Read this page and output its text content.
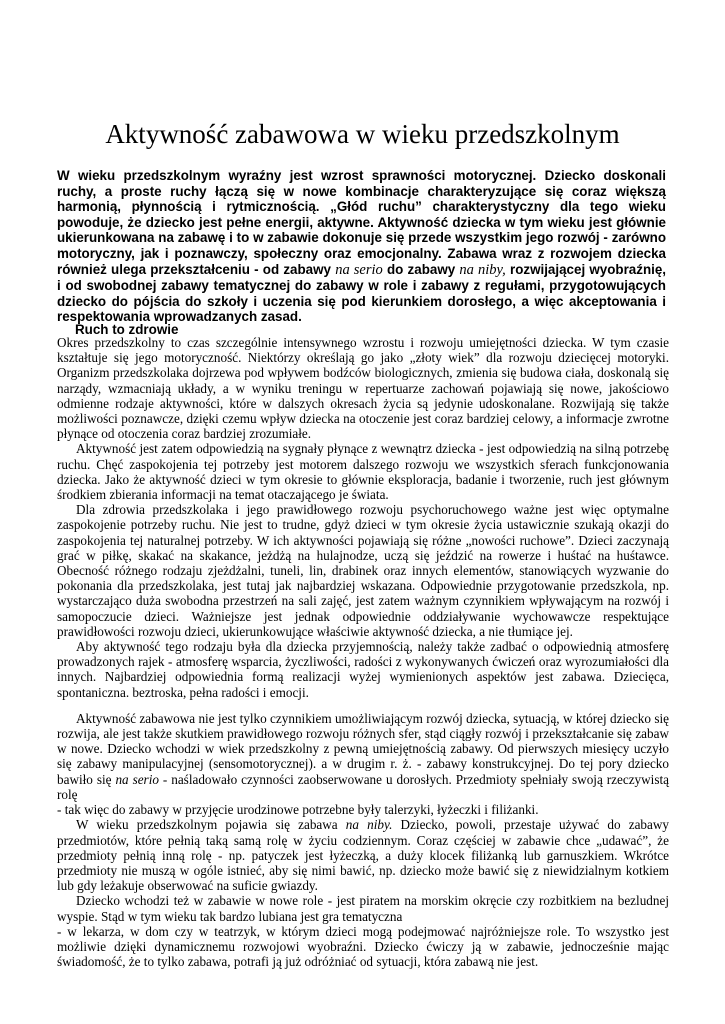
Aktywność zabawowa w wieku przedszkolnym
W wieku przedszkolnym wyraźny jest wzrost sprawności motorycznej. Dziecko doskonali ruchy, a proste ruchy łączą się w nowe kombinacje charakteryzujące się coraz większą harmonią, płynnością i rytmicznością. „Głód ruchu” charakterystyczny dla tego wieku powoduje, że dziecko jest pełne energii, aktywne. Aktywność dziecka w tym wieku jest głównie ukierunkowana na zabawę i to w zabawie dokonuje się przede wszystkim jego rozwój - zarówno motoryczny, jak i poznawczy, społeczny oraz emocjonalny. Zabawa wraz z rozwojem dziecka również ulega przekształceniu - od zabawy na serio do zabawy na niby, rozwijającej wyobraźnię, i od swobodnej zabawy tematycznej do zabawy w role i zabawy z regułami, przygotowujących dziecko do pójścia do szkoły i uczenia się pod kierunkiem dorosłego, a więc akceptowania i respektowania wprowadzanych zasad.
Ruch to zdrowie

Okres przedszkolny to czas szczególnie intensywnego wzrostu i rozwoju umiejętności dziecka. W tym czasie kształtuje się jego motoryczność. Niektórzy określają go jako „złoty wiek” dla rozwoju dziecięcej motoryki. Organizm przedszkolaka dojrzewa pod wpływem bodźców biologicznych, zmienia się budowa ciała, doskonalą się narządy, wzmacniają układy, a w wyniku treningu w repertuarze zachowań pojawiają się nowe, jakościowo odmienne rodzaje aktywności, które w dalszych okresach życia są jedynie udoskonalane. Rozwijają się także możliwości poznawcze, dzięki czemu wpływ dziecka na otoczenie jest coraz bardziej celowy, a informacje zwrotne płynące od otoczenia coraz bardziej zrozumiałe.

Aktywność jest zatem odpowiedzią na sygnały płynące z wewnątrz dziecka - jest odpowiedzią na silną potrzebę ruchu. Chęć zaspokojenia tej potrzeby jest motorem dalszego rozwoju we wszystkich sferach funkcjonowania dziecka. Jako że aktywność dzieci w tym okresie to głównie eksploracja, badanie i tworzenie, ruch jest głównym środkiem zbierania informacji na temat otaczającego je świata.

Dla zdrowia przedszkolaka i jego prawidłowego rozwoju psychoruchowego ważne jest więc optymalne zaspokojenie potrzeby ruchu. Nie jest to trudne, gdyż dzieci w tym okresie życia ustawicznie szukają okazji do zaspokojenia tej naturalnej potrzeby. W ich aktywności pojawiają się różne „nowości ruchowe”. Dzieci zaczynają grać w piłkę, skakać na skakance, jeżdżą na hulajnodze, uczą się jeździć na rowerze i huśtać na huśtawce. Obecność różnego rodzaju zjeżdżalni, tuneli, lin, drabinek oraz innych elementów, stanowiących wyzwanie do pokonania dla przedszkolaka, jest tutaj jak najbardziej wskazana. Odpowiednie przygotowanie przedszkola, np. wystarczająco duża swobodna przestrzeń na sali zajęć, jest zatem ważnym czynnikiem wpływającym na rozwój i samopoczucie dzieci. Ważniejsze jest jednak odpowiednie oddziaływanie wychowawcze respektujące prawidłowości rozwoju dzieci, ukierunkowujące właściwie aktywność dziecka, a nie tłumiące jej.

Aby aktywność tego rodzaju była dla dziecka przyjemnością, należy także zadbać o odpowiednią atmosferę prowadzonych rajek - atmosferę wsparcia, życzliwości, radości z wykonywanych ćwiczeń oraz wyrozumiałości dla innych. Najbardziej odpowiednia formą realizacji wyżej wymienionych aspektów jest zabawa. Dziecięca, spontaniczna. beztroska, pełna radości i emocji.

Aktywność zabawowa nie jest tylko czynnikiem umożliwiającym rozwój dziecka, sytuacją, w której dziecko się rozwija, ale jest także skutkiem prawidłowego rozwoju różnych sfer, stąd ciągły rozwój i przekształcanie się zabaw w nowe. Dziecko wchodzi w wiek przedszkolny z pewną umiejętnością zabawy. Od pierwszych miesięcy uczyło się zabawy manipulacyjnej (sensomotorycznej). a w drugim r. ż. - zabawy konstrukcyjnej. Do tej pory dziecko bawiło się na serio - naśladowało czynności zaobserwowane u dorosłych. Przedmioty spełniały swoją rzeczywistą rolę

- tak więc do zabawy w przyjęcie urodzinowe potrzebne były talerzyki, łyżeczki i filiżanki.

W wieku przedszkolnym pojawia się zabawa na niby. Dziecko, powoli, przestaje używać do zabawy przedmiotów, które pełnią taką samą rolę w życiu codziennym. Coraz częściej w zabawie chce „udawać”, że przedmioty pełnią inną rolę - np. patyczek jest łyżeczką, a duży klocek filiżanką lub garnuszkiem. Wkrótce przedmioty nie muszą w ogóle istnieć, aby się nimi bawić, np. dziecko może bawić się z niewidzialnym kotkiem lub gdy leżakuje obserwować na suficie gwiazdy.

Dziecko wchodzi też w zabawie w nowe role - jest piratem na morskim okręcie czy rozbitkiem na bezludnej wyspie. Stąd w tym wieku tak bardzo lubiana jest gra tematyczna

- w lekarza, w dom czy w teatrzyk, w którym dzieci mogą podejmować najróżniejsze role. To wszystko jest możliwie dzięki dynamicznemu rozwojowi wyobraźni. Dziecko ćwiczy ją w zabawie, jednocześnie mając świadomość, że to tylko zabawa, potrafi ją już odróżniać od sytuacji, która zabawą nie jest.
